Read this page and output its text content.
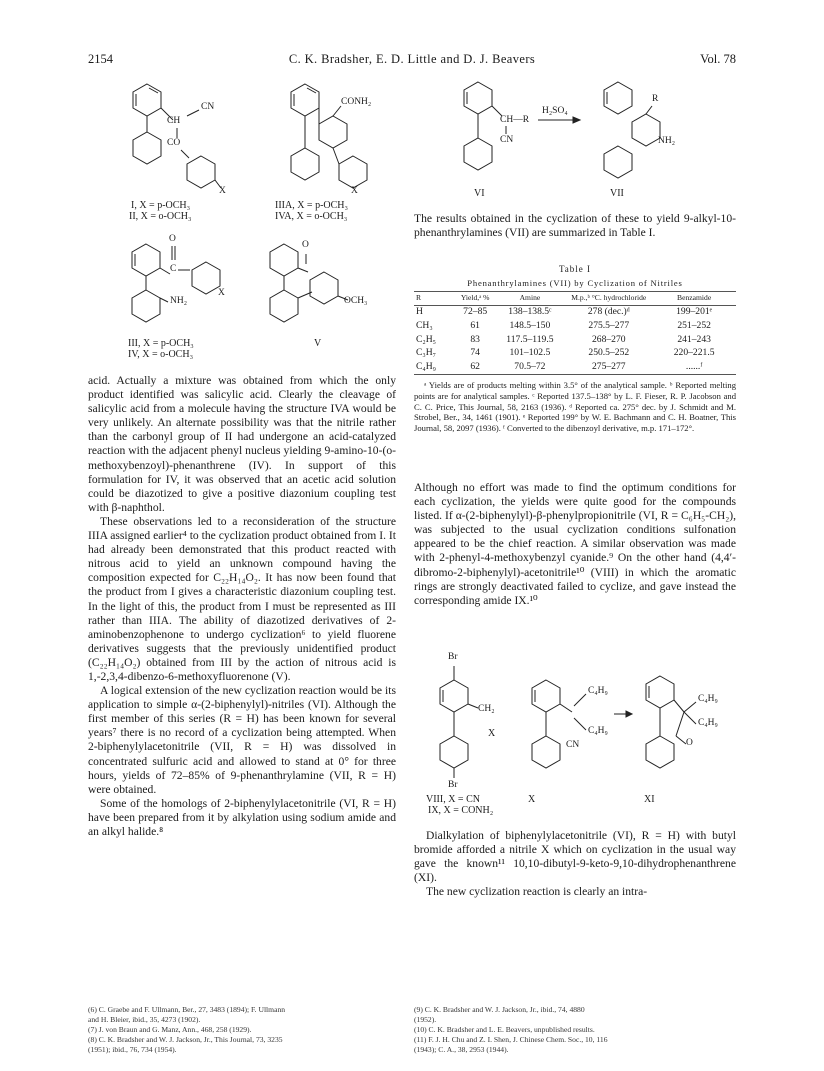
2154	C. K. Bradsher, E. D. Little and D. J. Beavers	Vol. 78
CN
CH
CO
X
I, X = p-OCH₃
II, X = o-OCH₃
CONH₂
X
IIIA, X = p-OCH₃
IVA, X = o-OCH₃
O
C
NH₂
X
III, X = p-OCH₃
IV, X = o-OCH₃
O
OCH₃
V
CH—R
CN
H₂SO₄
R
NH₂
VI	VII

The results obtained in the cyclization of these to yield 9-alkyl-10-phenanthrylamines (VII) are summarized in Table I.

Table I
Phenanthrylamines (VII) by Cyclization of Nitriles
R	Yield,ᵃ %	Amine	M.p.,ᵇ °C. hydrochloride	Benzamide
H	72–85	138–138.5ᶜ	278 (dec.)ᵈ	199–201ᵉ
CH₃	61	148.5–150	275.5–277	251–252
C₂H₅	83	117.5–119.5	268–270	241–243
C₃H₇	74	101–102.5	250.5–252	220–221.5
C₄H₉	62	70.5–72	275–277	......ᶠ

ᵃ Yields are of products melting within 3.5° of the analytical sample. ᵇ Reported melting points are for analytical samples. ᶜ Reported 137.5–138° by L. F. Fieser, R. P. Jacobson and C. C. Price, This Journal, 58, 2163 (1936). ᵈ Reported ca. 275° dec. by J. Schmidt and M. Strobel, Ber., 34, 1461 (1901). ᵉ Reported 199° by W. E. Bachmann and C. H. Boatner, This Journal, 58, 2097 (1936). ᶠ Converted to the dibenzoyl derivative, m.p. 171–172°.

Although no effort was made to find the optimum conditions for each cyclization, the yields were quite good for the compounds listed. If α-(2-biphenylyl)-β-phenylpropionitrile (VI, R = C₆H₅-CH₂), was subjected to the usual cyclization conditions sulfonation appeared to be the chief reaction. A similar observation was made with 2-phenyl-4-methoxybenzyl cyanide.⁹ On the other hand (4,4′-dibromo-2-biphenylyl)-acetonitrile¹⁰ (VIII) in which the aromatic rings are strongly deactivated failed to cyclize, and gave instead the corresponding amide IX.¹⁰

Br
CH₂
Br
C₄H₉
C₄H₉
CN
C₄H₉
C₄H₉
O
X
VIII, X = CN
IX, X = CONH₂
X	XI

Dialkylation of biphenylylacetonitrile (VI), R = H) with butyl bromide afforded a nitrile X which on cyclization in the usual way gave the known¹¹ 10,10-dibutyl-9-keto-9,10-dihydrophenanthrene (XI).

The new cyclization reaction is clearly an intra-

acid. Actually a mixture was obtained from which the only product identified was salicylic acid. Clearly the cleavage of salicylic acid from a molecule having the structure IVA would be very unlikely. An alternate possibility was that the nitrile rather than the carbonyl group of II had undergone an acid-catalyzed reaction with the adjacent phenyl nucleus yielding 9-amino-10-(o-methoxybenzoyl)-phenanthrene (IV). In support of this formulation for IV, it was observed that an acetic acid solution could be diazotized to give a positive diazonium coupling test with β-naphthol.

These observations led to a reconsideration of the structure IIIA assigned earlier⁴ to the cyclization product obtained from I. It had already been demonstrated that this product reacted with nitrous acid to yield an unknown compound having the composition expected for C₂₂H₁₄O₂. It has now been found that the product from I gives a characteristic diazonium coupling test. In the light of this, the product from I must be represented as III rather than IIIA. The ability of diazotized derivatives of 2-aminobenzophenone to undergo cyclization⁶ to yield fluorene derivatives suggests that the previously unidentified product (C₂₂H₁₄O₂) obtained from III by the action of nitrous acid is 1,-2,3,4-dibenzo-6-methoxyfluorenone (V).

A logical extension of the new cyclization reaction would be its application to simple α-(2-biphenylyl)-nitriles (VI). Although the first member of this series (R = H) has been known for several years⁷ there is no record of a cyclization being attempted. When 2-biphenylylacetonitrile (VII, R = H) was dissolved in concentrated sulfuric acid and allowed to stand at 0° for three hours, yields of 72–85% of 9-phenanthrylamine (VII, R = H) were obtained.

Some of the homologs of 2-biphenylylacetonitrile (VI, R = H) have been prepared from it by alkylation using sodium amide and an alkyl halide.⁸

(6) C. Graebe and F. Ullmann, Ber., 27, 3483 (1894); F. Ullmann
and H. Bleier, ibid., 35, 4273 (1902).
(7) J. von Braun and G. Manz, Ann., 468, 258 (1929).
(8) C. K. Bradsher and W. J. Jackson, Jr., This Journal, 73, 3235
(1951); ibid., 76, 734 (1954).
(9) C. K. Bradsher and W. J. Jackson, Jr., ibid., 74, 4880
(1952).
(10) C. K. Bradsher and L. E. Beavers, unpublished results.
(11) F. J. H. Chu and Z. I. Shen, J. Chinese Chem. Soc., 10, 116
(1943); C. A., 38, 2953 (1944).
